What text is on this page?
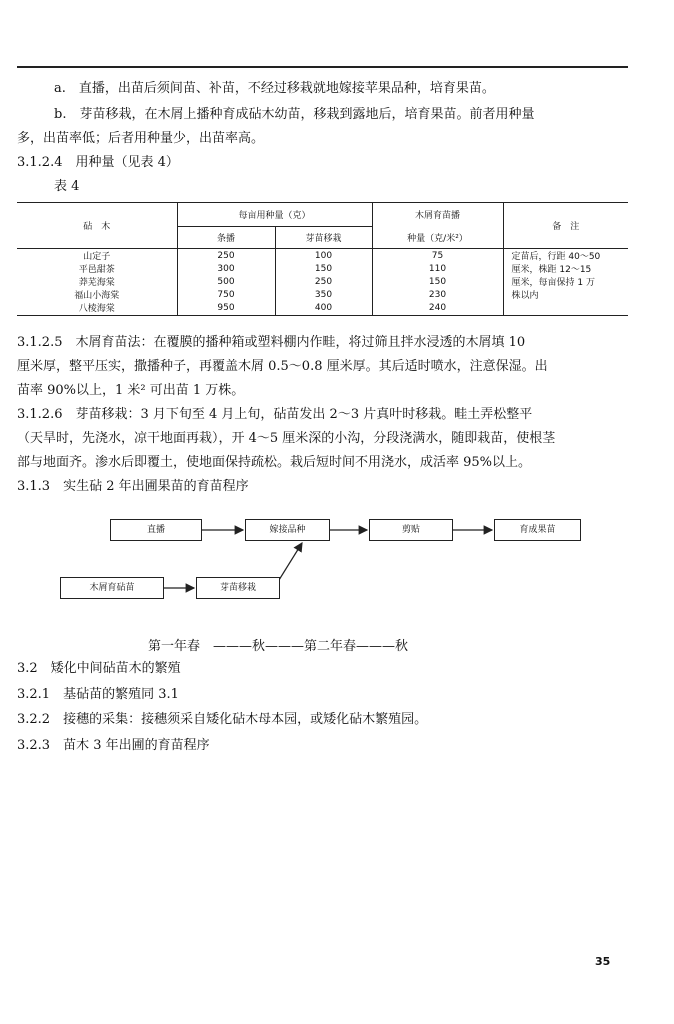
a.　直播，出苗后须间苗、补苗，不经过移栽就地嫁接苹果品种，培育果苗。
b.　芽苗移栽，在木屑上播种育成砧木幼苗，移栽到露地后，培育果苗。前者用种量
多，出苗率低；后者用种量少，出苗率高。
3.1.2.4　用种量（见表 4）
表 4
砧　木	每亩用种量（克）		木屑育苗播	备　注
	条播	芽苗移栽	种量（克/米²）	
山定子	250	100	75	定苗后，行距 40～50
厘米，株距 12～15
厘米，每亩保持 1 万
株以内

平邑甜茶	300	150	110	
莽芜海棠	500	250	150	
福山小海棠	750	350	230	
八棱海棠	950	400	240	
3.1.2.5　木屑育苗法：在覆膜的播种箱或塑料棚内作畦，将过筛且拌水浸透的木屑填 10
厘米厚，整平压实，撒播种子，再覆盖木屑 0.5～0.8 厘米厚。其后适时喷水，注意保湿。出
苗率 90%以上，1 米² 可出苗 1 万株。
3.1.2.6　芽苗移栽：3 月下旬至 4 月上旬，砧苗发出 2～3 片真叶时移栽。畦土弄松整平
（天旱时，先浇水，凉干地面再栽），开 4～5 厘米深的小沟，分段浇满水，随即栽苗，使根茎
部与地面齐。渗水后即覆土，使地面保持疏松。栽后短时间不用浇水，成活率 95%以上。
3.1.3　实生砧 2 年出圃果苗的育苗程序
直播	嫁接品种	剪贴	育成果苗
木屑育砧苗	芽苗移栽
第一年春　———秋———第二年春———秋
3.2　矮化中间砧苗木的繁殖
3.2.1　基砧苗的繁殖同 3.1
3.2.2　接穗的采集：接穗须采自矮化砧木母本园，或矮化砧木繁殖园。
3.2.3　苗木 3 年出圃的育苗程序
35
